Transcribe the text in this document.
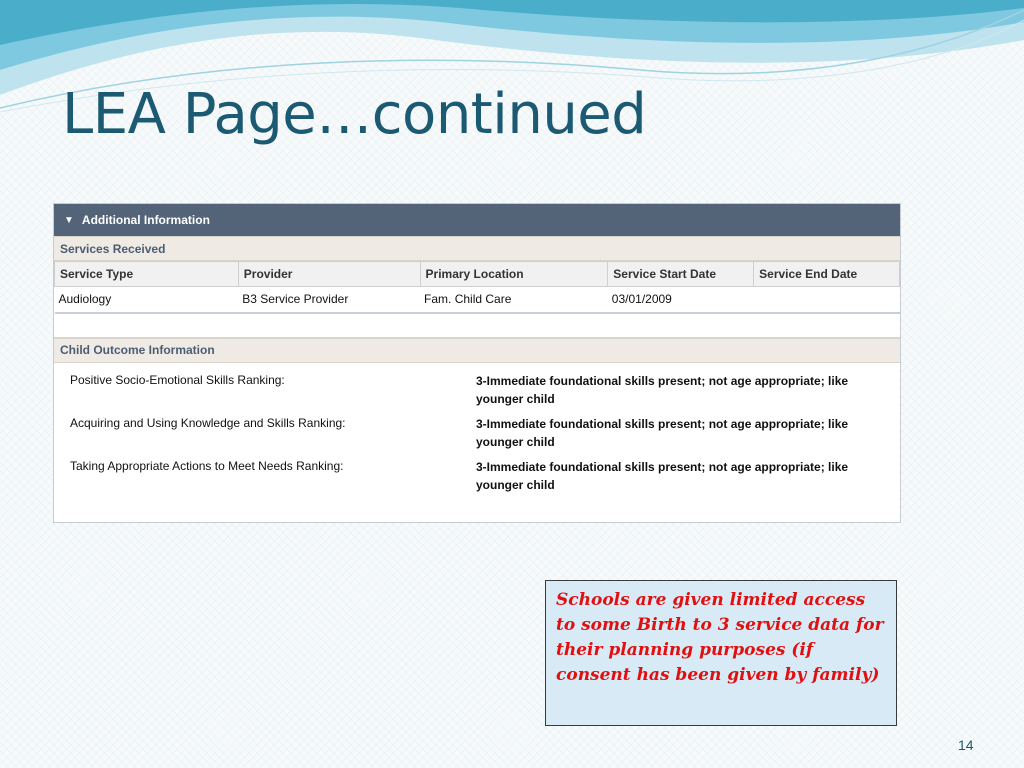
LEA Page…continued
▼ Additional Information
Services Received
Service Type	Provider	Primary Location	Service Start Date	Service End Date
Audiology	B3 Service Provider	Fam. Child Care	03/01/2009	
Child Outcome Information
Positive Socio-Emotional Skills Ranking:	3-Immediate foundational skills present; not age appropriate; like younger child
Acquiring and Using Knowledge and Skills Ranking:	3-Immediate foundational skills present; not age appropriate; like younger child
Taking Appropriate Actions to Meet Needs Ranking:	3-Immediate foundational skills present; not age appropriate; like younger child
Schools are given limited access to some Birth to 3 service data for their planning purposes (if consent has been given by family)
14
